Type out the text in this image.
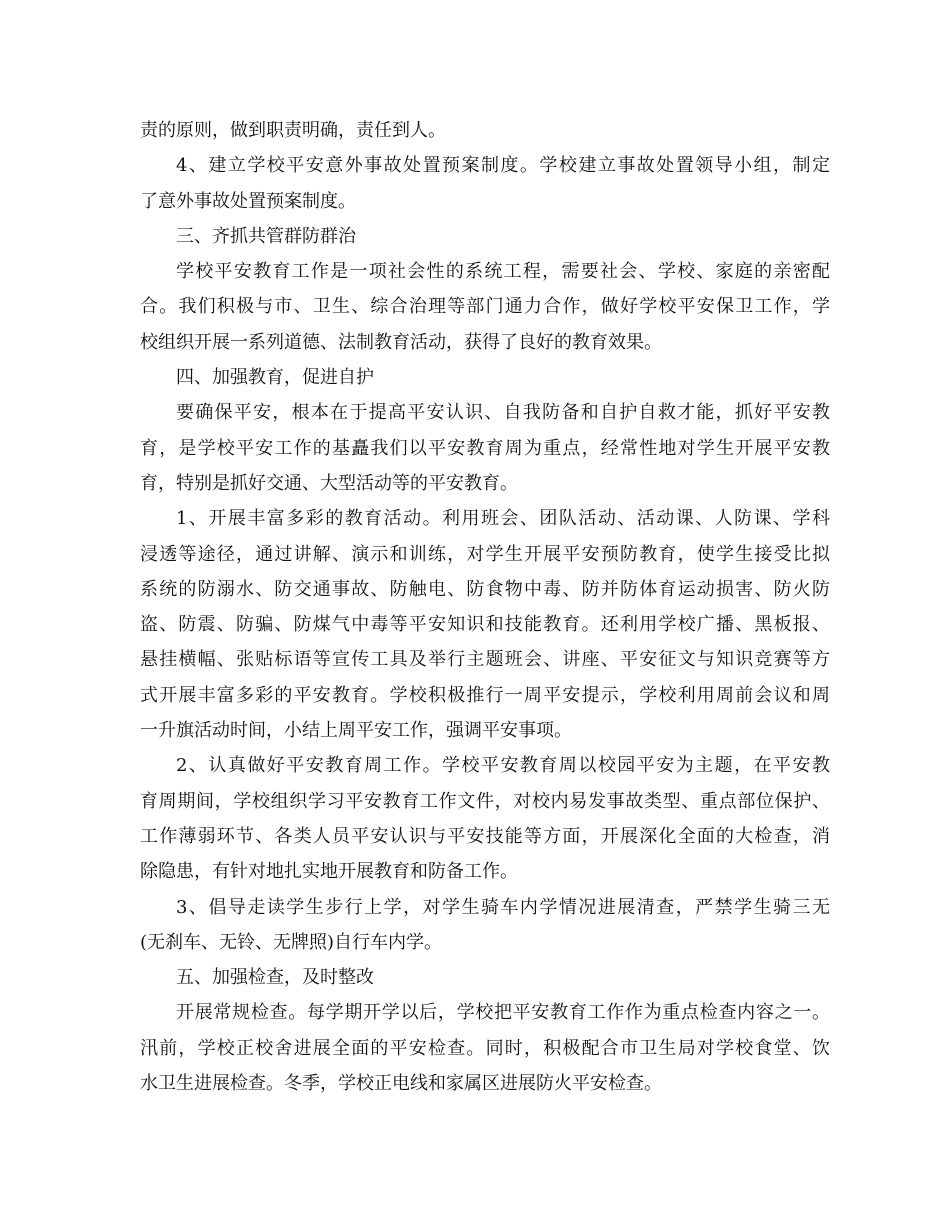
责的原则，做到职责明确，责任到人。
4、建立学校平安意外事故处置预案制度。学校建立事故处置领导小组，制定
了意外事故处置预案制度。
三、齐抓共管群防群治
学校平安教育工作是一项社会性的系统工程，需要社会、学校、家庭的亲密配
合。我们积极与市、卫生、综合治理等部门通力合作，做好学校平安保卫工作，学
校组织开展一系列道德、法制教育活动，获得了良好的教育效果。
四、加强教育，促进自护
要确保平安，根本在于提高平安认识、自我防备和自护自救才能，抓好平安教
育，是学校平安工作的基矗我们以平安教育周为重点，经常性地对学生开展平安教
育，特别是抓好交通、大型活动等的平安教育。
1、开展丰富多彩的教育活动。利用班会、团队活动、活动课、人防课、学科
浸透等途径，通过讲解、演示和训练，对学生开展平安预防教育，使学生接受比拟
系统的防溺水、防交通事故、防触电、防食物中毒、防并防体育运动损害、防火防
盗、防震、防骗、防煤气中毒等平安知识和技能教育。还利用学校广播、黑板报、
悬挂横幅、张贴标语等宣传工具及举行主题班会、讲座、平安征文与知识竞赛等方
式开展丰富多彩的平安教育。学校积极推行一周平安提示，学校利用周前会议和周
一升旗活动时间，小结上周平安工作，强调平安事项。
2、认真做好平安教育周工作。学校平安教育周以校园平安为主题，在平安教
育周期间，学校组织学习平安教育工作文件，对校内易发事故类型、重点部位保护、
工作薄弱环节、各类人员平安认识与平安技能等方面，开展深化全面的大检查，消
除隐患，有针对地扎实地开展教育和防备工作。
3、倡导走读学生步行上学，对学生骑车内学情况进展清查，严禁学生骑三无
(无刹车、无铃、无牌照)自行车内学。
五、加强检查，及时整改
开展常规检查。每学期开学以后，学校把平安教育工作作为重点检查内容之一。
汛前，学校正校舍进展全面的平安检查。同时，积极配合市卫生局对学校食堂、饮
水卫生进展检查。冬季，学校正电线和家属区进展防火平安检查。
